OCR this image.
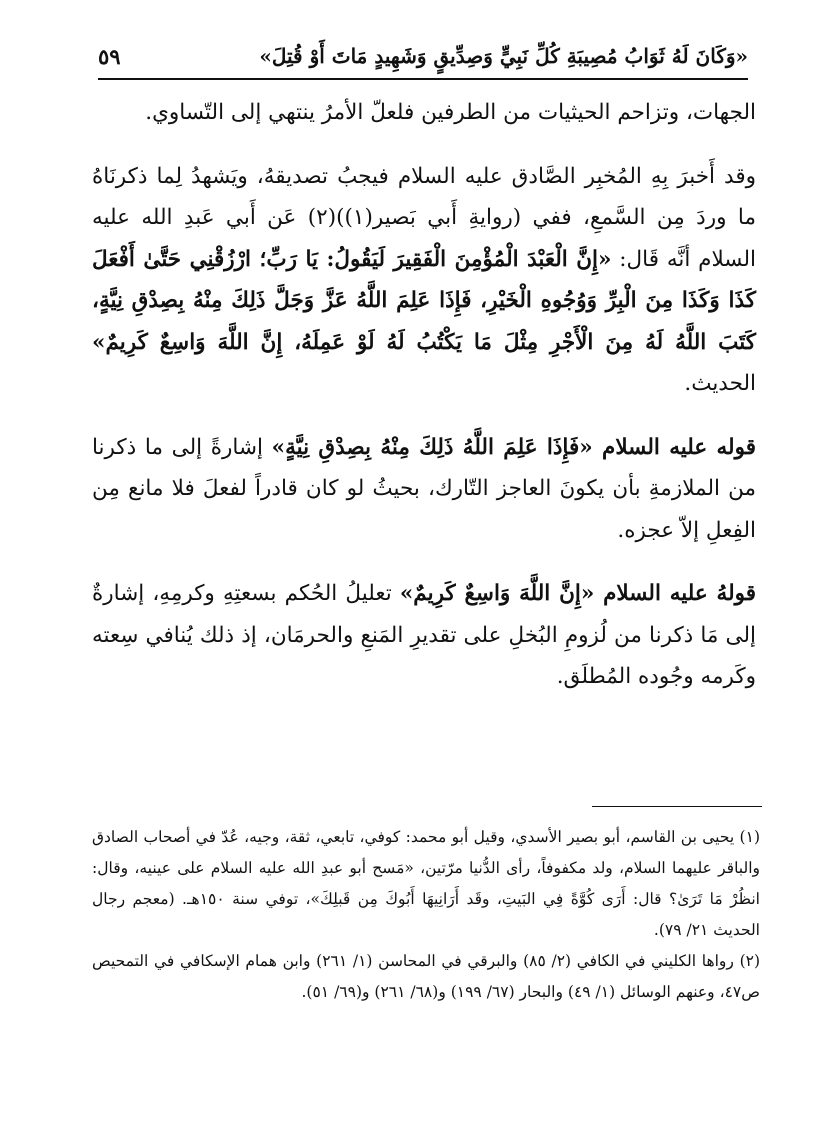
«وَكَانَ لَهُ ثَوَابُ مُصِيبَةِ كُلِّ نَبِيٍّ وَصِدِّيقٍ وَشَهِيدٍ مَاتَ أَوْ قُتِلَ»
٥٩

الجهات، وتزاحم الحيثيات من الطرفين فلعلّ الأمرُ ينتهي إلى التّساوي.

وقد أَخبرَ بِهِ المُخبِر الصَّادق عليه السلام فيجبُ تصديقهُ، ويَشهدُ لِما ذكرنَاهُ ما وردَ مِن السَّمعِ، ففي (روايةِ أَبي بَصير(١))(٢) عَن أَبي عَبدِ الله عليه السلام أنَّه قَال: «إِنَّ الْعَبْدَ الْمُؤْمِنَ الْفَقِيرَ لَيَقُولُ: يَا رَبِّ؛ ارْزُقْنِي حَتَّىٰ أَفْعَلَ كَذَا وَكَذَا مِنَ الْبِرِّ وَوُجُوهِ الْخَيْرِ، فَإِذَا عَلِمَ اللَّهُ عَزَّ وَجَلَّ ذَلِكَ مِنْهُ بِصِدْقِ نِيَّةٍ، كَتَبَ اللَّهُ لَهُ مِنَ الْأَجْرِ مِثْلَ مَا يَكْتُبُ لَهُ لَوْ عَمِلَهُ، إِنَّ اللَّهَ وَاسِعٌ كَرِيمٌ» الحديث.

قوله عليه السلام «فَإِذَا عَلِمَ اللَّهُ ذَلِكَ مِنْهُ بِصِدْقِ نِيَّةٍ» إشارةً إلى ما ذكرنا من الملازمةِ بأن يكونَ العاجز التّارك، بحيثُ لو كان قادراً لفعلَ فلا مانع مِن الفِعلِ إلاّ عجزه.

قولهُ عليه السلام «إِنَّ اللَّهَ وَاسِعٌ كَرِيمٌ» تعليلُ الحُكم بسعتِهِ وكرمِهِ، إشارةٌ إلى مَا ذكرنا من لُزومِ البُخلِ على تقديرِ المَنعِ والحرمَان، إذ ذلك يُنافي سِعته وكَرمه وجُوده المُطلَق.

(١) يحيى بن القاسم، أبو بصير الأسدي، وقيل أبو محمد: كوفي، تابعي، ثقة، وجيه، عُدّ في أصحاب الصادق والباقر عليهما السلام، ولد مكفوفاً، رأى الدُّنيا مرّتين، «مَسح أبو عبدِ الله عليه السلام على عينيه، وقال: انظُرْ مَا تَرَىٰ؟ قال: أَرَى كُوَّةً فِي البَيتِ، وقَد أَرَانِيهَا أَبُوكَ مِن قَبلِكَ»، توفي سنة ١٥٠هـ. (معجم رجال الحديث ٢١/ ٧٩).

(٢) رواها الكليني في الكافي (٢/ ٨٥) والبرقي في المحاسن (١/ ٢٦١) وابن همام الإسكافي في التمحيص ص٤٧، وعنهم الوسائل (١/ ٤٩) والبحار (٦٧/ ١٩٩) و(٦٨/ ٢٦١) و(٦٩/ ٥١).
